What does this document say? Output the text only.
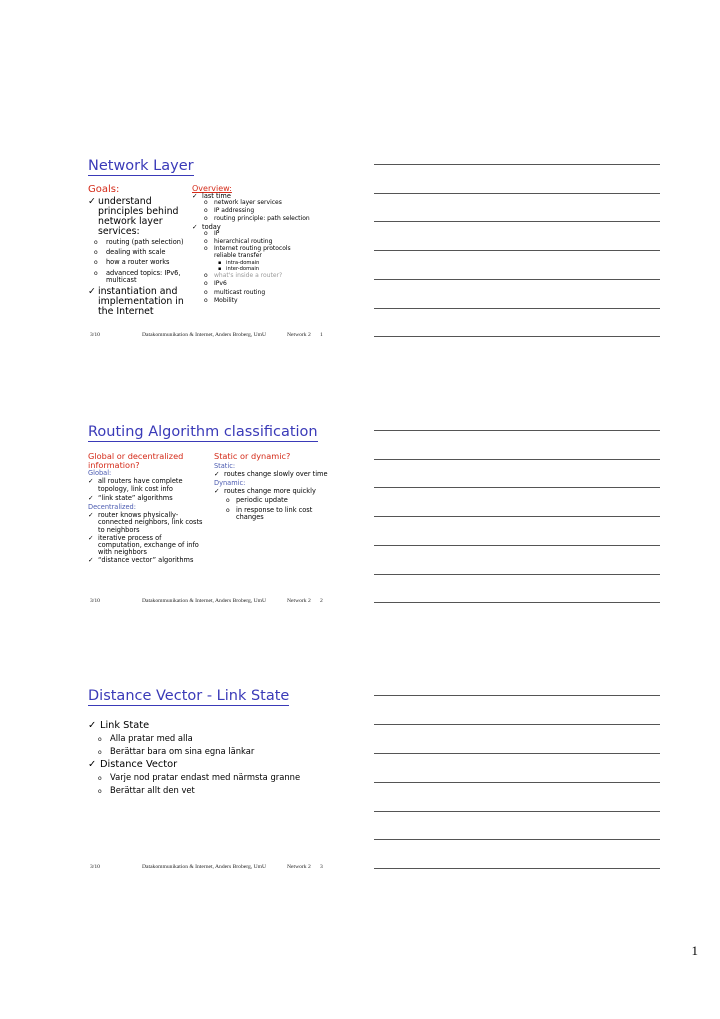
Network Layer
Goals:
✓
understand principles behind network layer services:
o
routing (path selection)
o
dealing with scale
o
how a router works
o
advanced topics: IPv6, multicast
✓
instantiation and implementation in the Internet
Overview:
✓
last time
o
network layer services
o
IP addressing
o
routing principle: path selection
✓
today
o
IP
o
hierarchical routing
o
Internet routing protocols reliable transfer
▪
intra-domain
▪
inter-domain
o
what's inside a router?
o
IPv6
o
multicast routing
o
Mobility
3/10	Datakommunikation & Internet, Anders Broberg, UmU	Network 2 1
Routing Algorithm classification
Global or decentralized information?
Global:
✓
all routers have complete topology, link cost info
✓
“link state” algorithms
Decentralized:
✓
router knows physically-connected neighbors, link costs to neighbors
✓
iterative process of computation, exchange of info with neighbors
✓
“distance vector” algorithms
Static or dynamic?
Static:
✓
routes change slowly over time
Dynamic:
✓
routes change more quickly
o
periodic update
o
in response to link cost changes
3/10	Datakommunikation & Internet, Anders Broberg, UmU	Network 2 2
Distance Vector - Link State
✓
Link State
o
Alla pratar med alla
o
Berättar bara om sina egna länkar
✓
Distance Vector
o
Varje nod pratar endast med närmsta granne
o
Berättar allt den vet
3/10	Datakommunikation & Internet, Anders Broberg, UmU	Network 2 3
1
